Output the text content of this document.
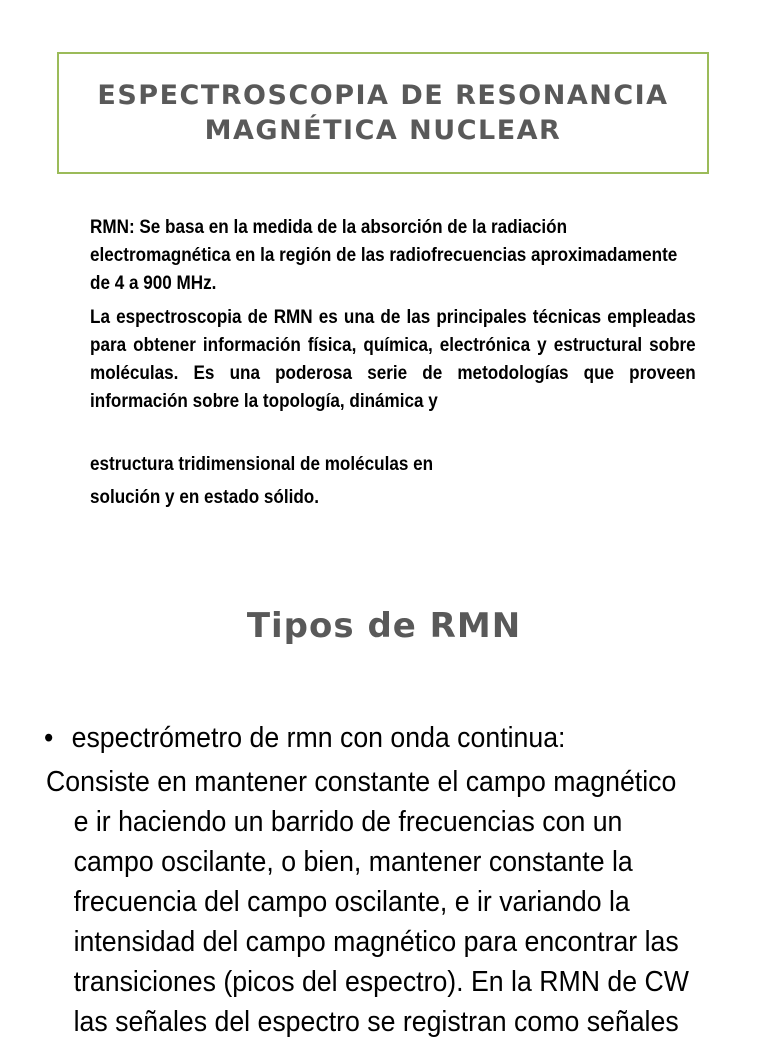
ESPECTROSCOPIA DE RESONANCIA MAGNÉTICA NUCLEAR

RMN: Se basa en la medida de la absorción de la radiación electromagnética en la región de las radiofrecuencias aproximadamente de 4 a 900 MHz.

La espectroscopia de RMN es una de las principales técnicas empleadas para obtener información física, química, electrónica y estructural sobre moléculas. Es una poderosa serie de metodologías que proveen información sobre la topología, dinámica y

estructura tridimensional de moléculas en

solución y en estado sólido.

Tipos de RMN
• espectrómetro de rmn con onda continua:
Consiste en mantener constante el campo magnético
e ir haciendo un barrido de frecuencias con un
campo oscilante, o bien, mantener constante la
frecuencia del campo oscilante, e ir variando la
intensidad del campo magnético para encontrar las
transiciones (picos del espectro). En la RMN de CW
las señales del espectro se registran como señales
